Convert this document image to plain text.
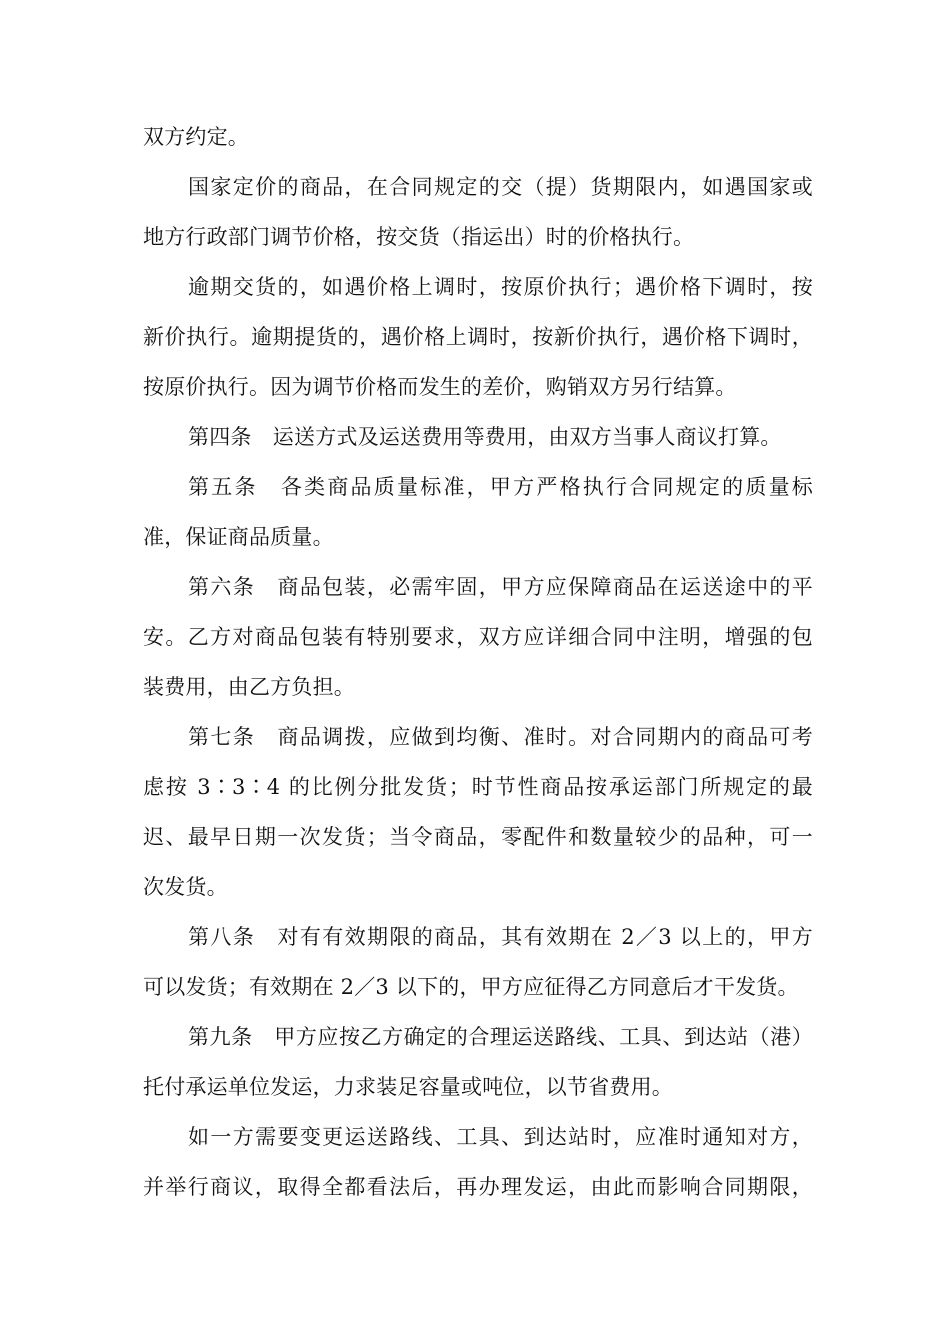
双方约定。
国家定价的商品，在合同规定的交（提）货期限内，如遇国家或
地方行政部门调节价格，按交货（指运出）时的价格执行。
逾期交货的，如遇价格上调时，按原价执行；遇价格下调时，按
新价执行。逾期提货的，遇价格上调时，按新价执行，遇价格下调时，
按原价执行。因为调节价格而发生的差价，购销双方另行结算。
第四条　运送方式及运送费用等费用，由双方当事人商议打算。
第五条　各类商品质量标准，甲方严格执行合同规定的质量标
准，保证商品质量。
第六条　商品包装，必需牢固，甲方应保障商品在运送途中的平
安。乙方对商品包装有特别要求，双方应详细合同中注明，增强的包
装费用，由乙方负担。
第七条　商品调拨，应做到均衡、准时。对合同期内的商品可考
虑按 3∶3∶4 的比例分批发货；时节性商品按承运部门所规定的最
迟、最早日期一次发货；当令商品，零配件和数量较少的品种，可一
次发货。
第八条　对有有效期限的商品，其有效期在 2／3 以上的，甲方
可以发货；有效期在 2／3 以下的，甲方应征得乙方同意后才干发货。
第九条　甲方应按乙方确定的合理运送路线、工具、到达站（港）
托付承运单位发运，力求装足容量或吨位，以节省费用。
如一方需要变更运送路线、工具、到达站时，应准时通知对方，
并举行商议，取得全都看法后，再办理发运，由此而影响合同期限，
